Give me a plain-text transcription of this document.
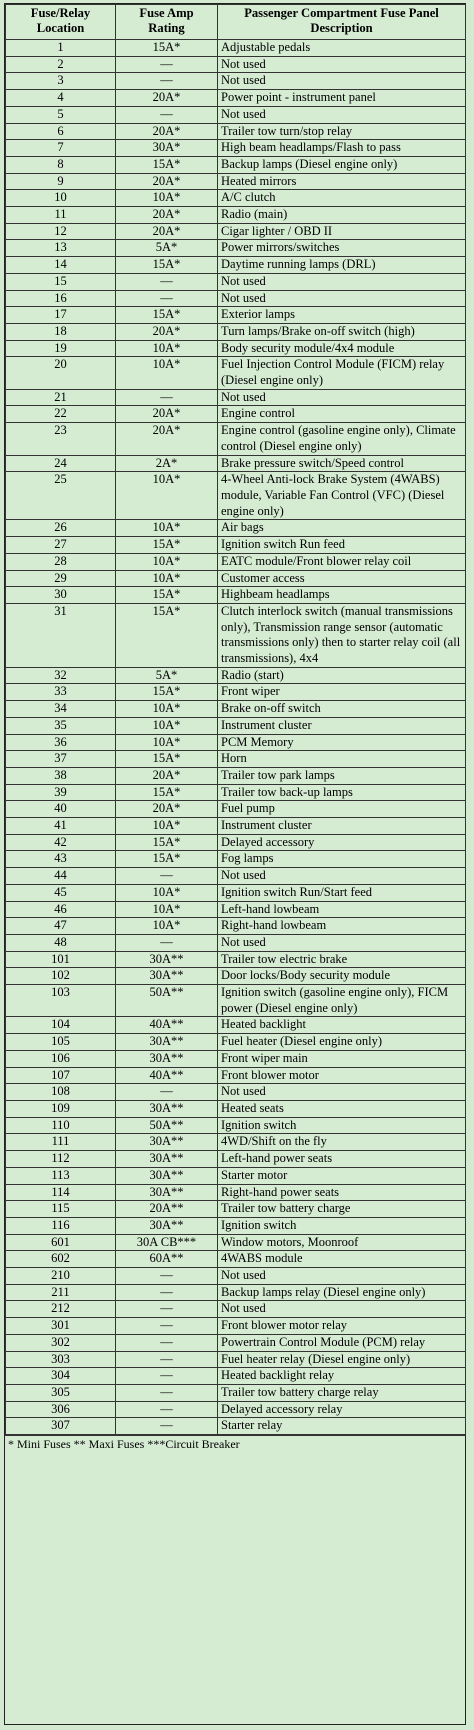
Fuse/Relay Location	Fuse Amp Rating	Passenger Compartment Fuse Panel Description
1	15A*	Adjustable pedals
2	—	Not used
3	—	Not used
4	20A*	Power point - instrument panel
5	—	Not used
6	20A*	Trailer tow turn/stop relay
7	30A*	High beam headlamps/Flash to pass
8	15A*	Backup lamps (Diesel engine only)
9	20A*	Heated mirrors
10	10A*	A/C clutch
11	20A*	Radio (main)
12	20A*	Cigar lighter / OBD II
13	5A*	Power mirrors/switches
14	15A*	Daytime running lamps (DRL)
15	—	Not used
16	—	Not used
17	15A*	Exterior lamps
18	20A*	Turn lamps/Brake on-off switch (high)
19	10A*	Body security module/4x4 module
20	10A*	Fuel Injection Control Module (FICM) relay (Diesel engine only)
21	—	Not used
22	20A*	Engine control
23	20A*	Engine control (gasoline engine only), Climate control (Diesel engine only)
24	2A*	Brake pressure switch/Speed control
25	10A*	4-Wheel Anti-lock Brake System (4WABS) module, Variable Fan Control (VFC) (Diesel engine only)
26	10A*	Air bags
27	15A*	Ignition switch Run feed
28	10A*	EATC module/Front blower relay coil
29	10A*	Customer access
30	15A*	Highbeam headlamps
31	15A*	Clutch interlock switch (manual transmissions only), Transmission range sensor (automatic transmissions only) then to starter relay coil (all transmissions), 4x4
32	5A*	Radio (start)
33	15A*	Front wiper
34	10A*	Brake on-off switch
35	10A*	Instrument cluster
36	10A*	PCM Memory
37	15A*	Horn
38	20A*	Trailer tow park lamps
39	15A*	Trailer tow back-up lamps
40	20A*	Fuel pump
41	10A*	Instrument cluster
42	15A*	Delayed accessory
43	15A*	Fog lamps
44	—	Not used
45	10A*	Ignition switch Run/Start feed
46	10A*	Left-hand lowbeam
47	10A*	Right-hand lowbeam
48	—	Not used
101	30A**	Trailer tow electric brake
102	30A**	Door locks/Body security module
103	50A**	Ignition switch (gasoline engine only), FICM power (Diesel engine only)
104	40A**	Heated backlight
105	30A**	Fuel heater (Diesel engine only)
106	30A**	Front wiper main
107	40A**	Front blower motor
108	—	Not used
109	30A**	Heated seats
110	50A**	Ignition switch
111	30A**	4WD/Shift on the fly
112	30A**	Left-hand power seats
113	30A**	Starter motor
114	30A**	Right-hand power seats
115	20A**	Trailer tow battery charge
116	30A**	Ignition switch
601	30A CB***	Window motors, Moonroof
602	60A**	4WABS module
210	—	Not used
211	—	Backup lamps relay (Diesel engine only)
212	—	Not used
301	—	Front blower motor relay
302	—	Powertrain Control Module (PCM) relay
303	—	Fuel heater relay (Diesel engine only)
304	—	Heated backlight relay
305	—	Trailer tow battery charge relay
306	—	Delayed accessory relay
307	—	Starter relay
* Mini Fuses ** Maxi Fuses ***Circuit Breaker
